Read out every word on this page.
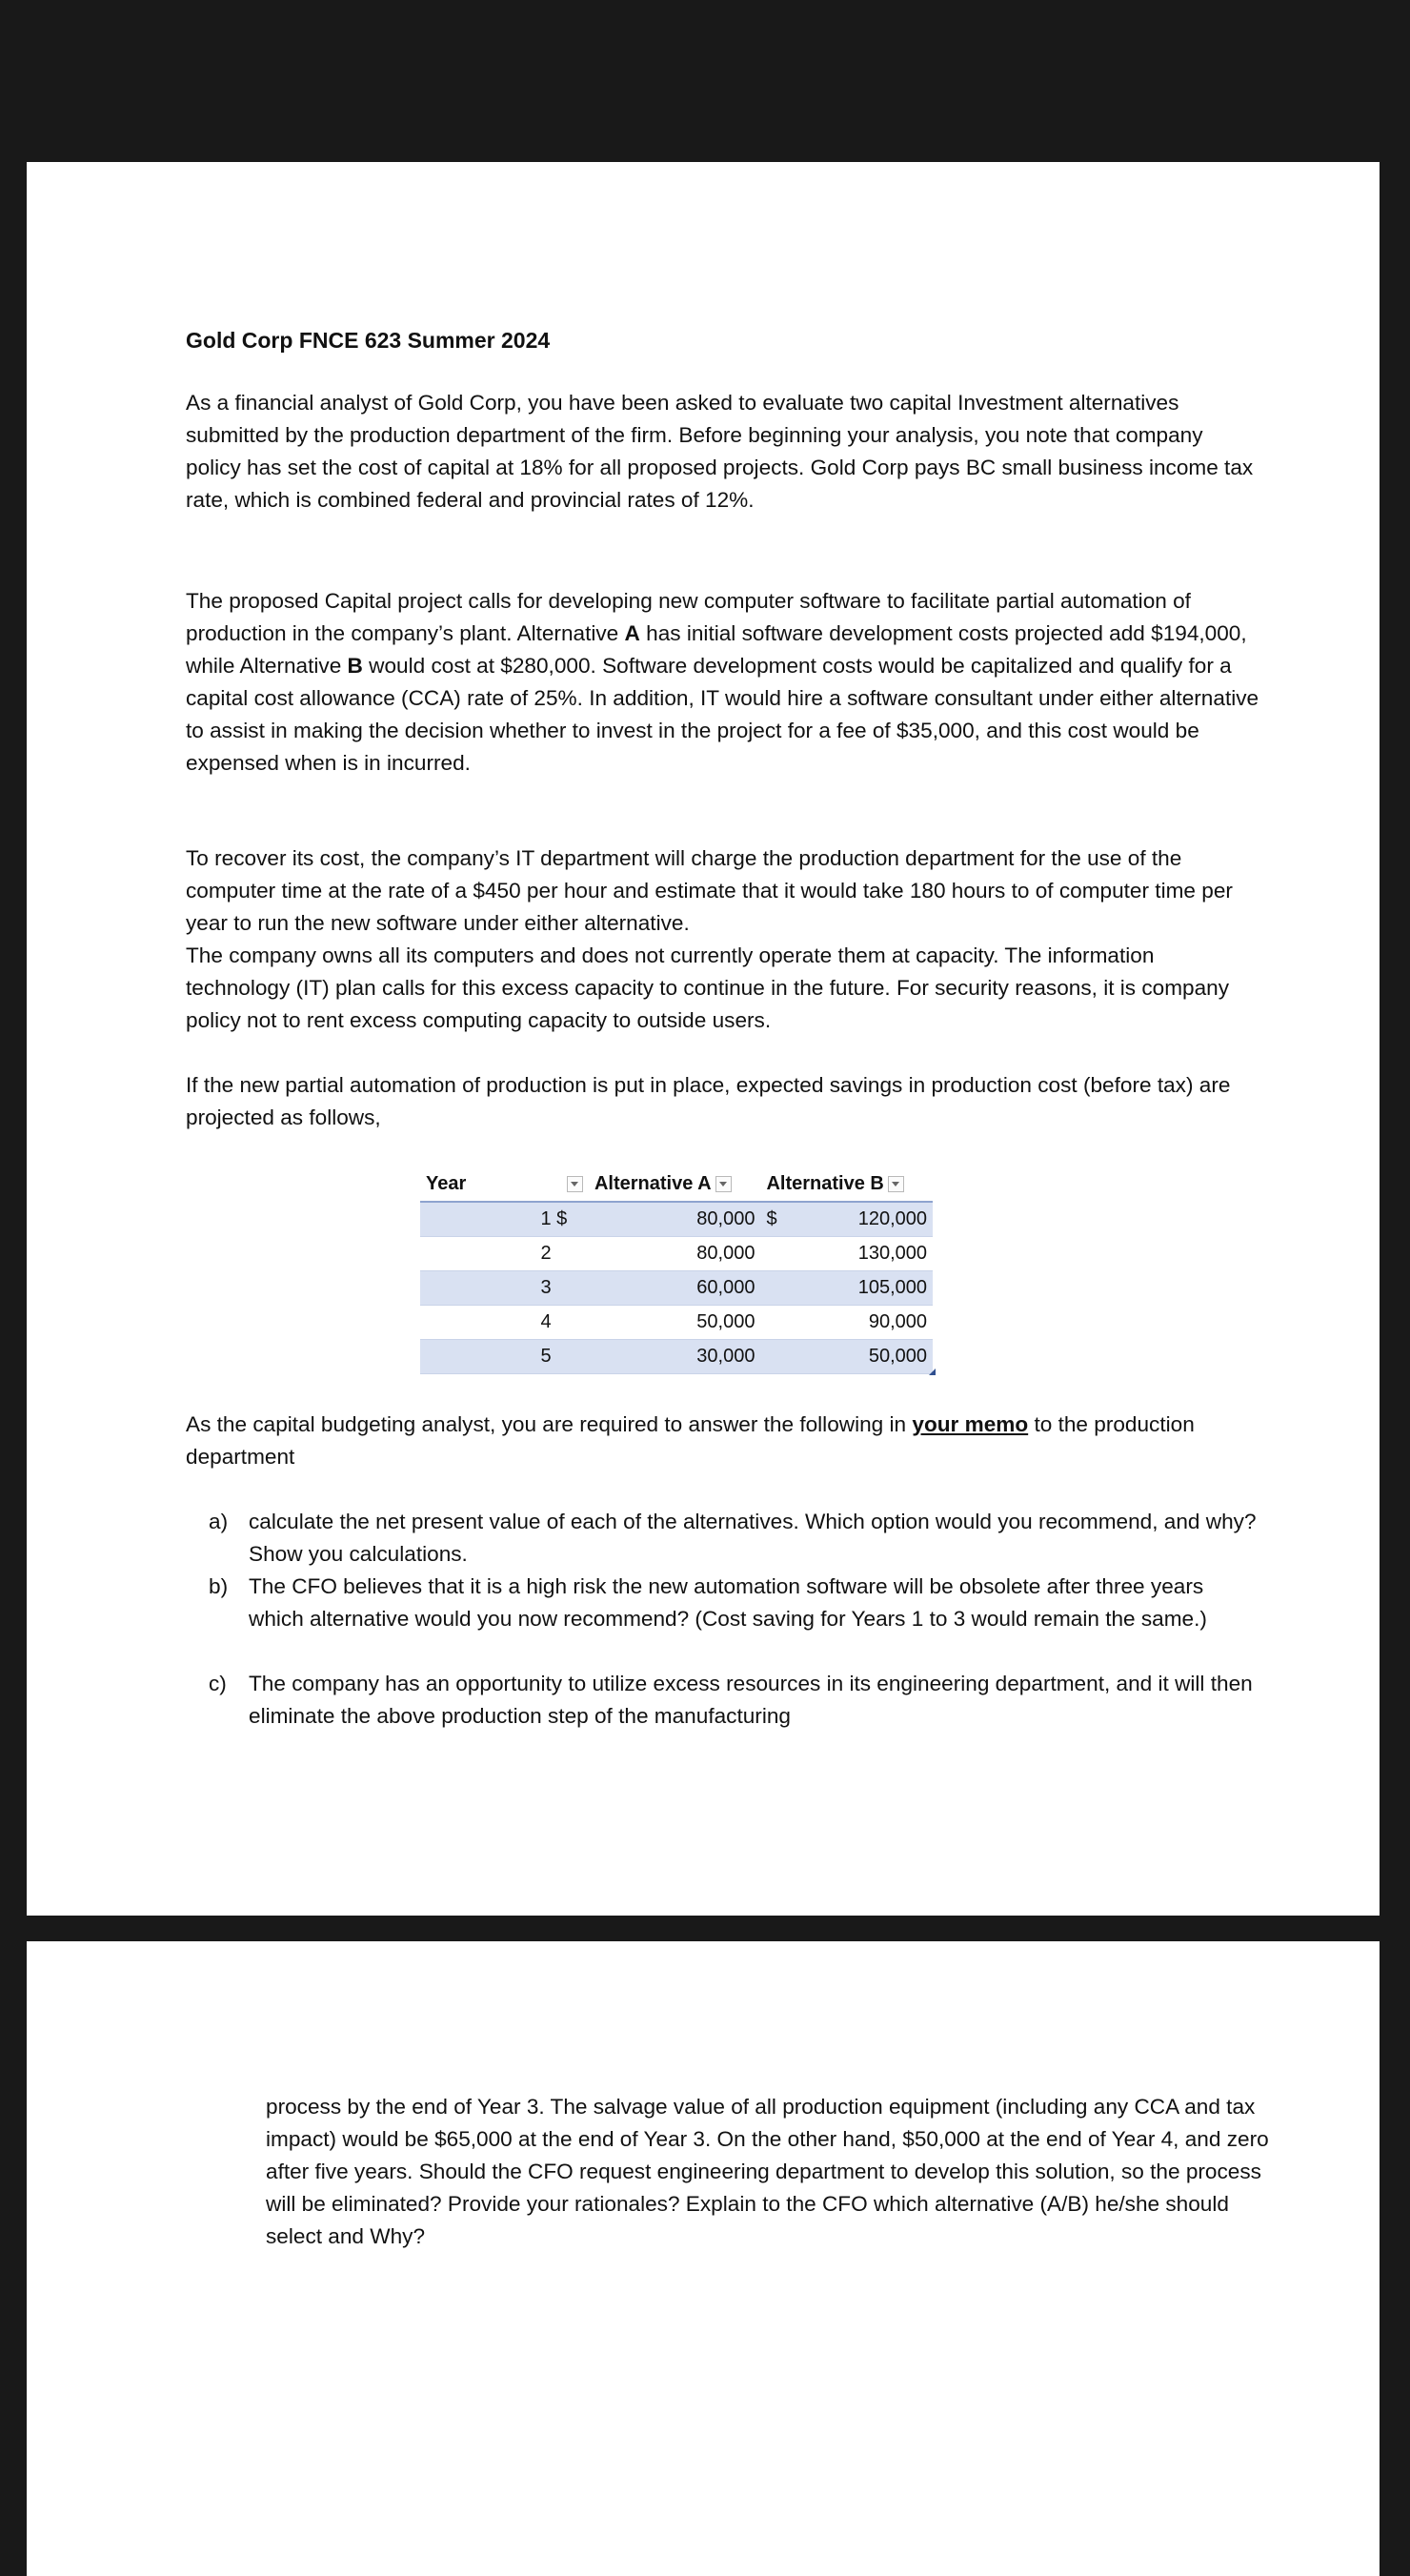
Gold Corp FNCE 623 Summer 2024

As a financial analyst of Gold Corp, you have been asked to evaluate two capital Investment alternatives submitted by the production department of the firm. Before beginning your analysis, you note that company policy has set the cost of capital at 18% for all proposed projects. Gold Corp pays BC small business income tax rate, which is combined federal and provincial rates of 12%.

The proposed Capital project calls for developing new computer software to facilitate partial automation of production in the company’s plant. Alternative A has initial software development costs projected add $194,000, while Alternative B would cost at $280,000. Software development costs would be capitalized and qualify for a capital cost allowance (CCA) rate of 25%. In addition, IT would hire a software consultant under either alternative to assist in making the decision whether to invest in the project for a fee of $35,000, and this cost would be expensed when is in incurred.

To recover its cost, the company’s IT department will charge the production department for the use of the computer time at the rate of a $450 per hour and estimate that it would take 180 hours to of computer time per year to run the new software under either alternative.
The company owns all its computers and does not currently operate them at capacity. The information technology (IT) plan calls for this excess capacity to continue in the future. For security reasons, it is company policy not to rent excess computing capacity to outside users.

If the new partial automation of production is put in place, expected savings in production cost (before tax) are projected as follows,

Year		Alternative A	Alternative B
	1 $	80,000	$ 120,000
	2	80,000	130,000
	3	60,000	105,000
	4	50,000	90,000
	5	30,000	50,000

As the capital budgeting analyst, you are required to answer the following in your memo to the production department

a) calculate the net present value of each of the alternatives. Which option would you recommend, and why? Show you calculations.
b) The CFO believes that it is a high risk the new automation software will be obsolete after three years which alternative would you now recommend? (Cost saving for Years 1 to 3 would remain the same.)
c) The company has an opportunity to utilize excess resources in its engineering department, and it will then eliminate the above production step of the manufacturing
process by the end of Year 3. The salvage value of all production equipment (including any CCA and tax impact) would be $65,000 at the end of Year 3. On the other hand, $50,000 at the end of Year 4, and zero after five years. Should the CFO request engineering department to develop this solution, so the process will be eliminated? Provide your rationales? Explain to the CFO which alternative (A/B) he/she should select and Why?
